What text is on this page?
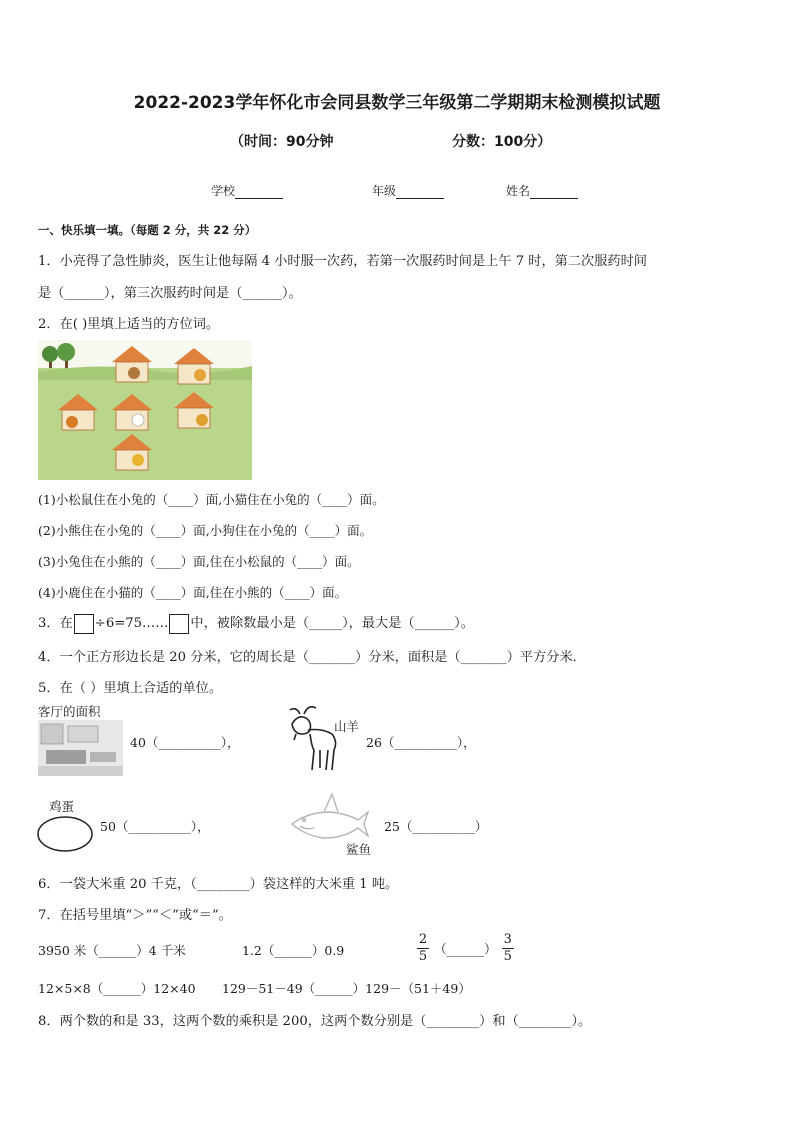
2022-2023学年怀化市会同县数学三年级第二学期期末检测模拟试题
（时间：90分钟	分数：100分）
学校	年级	姓名
一、快乐填一填。（每题 2 分，共 22 分）
1．小亮得了急性肺炎，医生让他每隔 4 小时服一次药，若第一次服药时间是上午 7 时，第二次服药时间
是（______），第三次服药时间是（______）。
2．在( )里填上适当的方位词。
(1)小松鼠住在小兔的（____）面,小猫住在小兔的（____）面。
(2)小熊住在小兔的（____）面,小狗住在小兔的（____）面。
(3)小兔住在小熊的（____）面,住在小松鼠的（____）面。
(4)小鹿住在小猫的（____）面,住在小熊的（____）面。
3．在 ÷6=75…… 中，被除数最小是（_____），最大是（______）。
4．一个正方形边长是 20 分米，它的周长是（_______）分米，面积是（_______）平方分米．
5．在（ ）里填上合适的单位。
客厅的面积
40（__________），
山羊
26（__________），
鸡蛋
50（__________），
鲨鱼
25（__________）
6．一袋大米重 20 千克，（________）袋这样的大米重 1 吨。
7．在括号里填“＞”“＜”或“＝”。
3950 米（______）4 千米	1.2（______）0.9	$\frac{2}{5}$ （______） $\frac{3}{5}$
12×5×8（______）12×40 129－51－49（______）129－（51＋49）
8．两个数的和是 33，这两个数的乘积是 200，这两个数分别是（________）和（________）。
